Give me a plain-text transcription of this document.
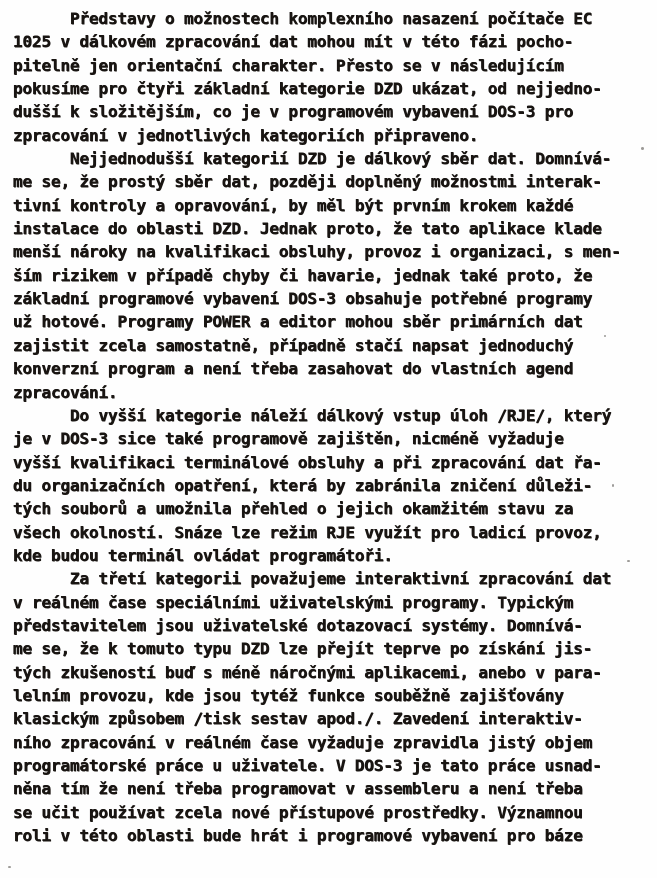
Představy o možnostech komplexního nasazení počítače EC
1025 v dálkovém zpracování dat mohou mít v této fázi pocho-
pitelně jen orientační charakter. Přesto se v následujícím
pokusíme pro čtyři základní kategorie DZD ukázat, od nejjedno-
dušší k složitějším, co je v programovém vybavení DOS-3 pro
zpracování v jednotlivých kategoriích připraveno.
Nejjednodušší kategorií DZD je dálkový sběr dat. Domnívá-
me se, že prostý sběr dat, později doplněný možnostmi interak-
tivní kontroly a opravování, by měl být prvním krokem každé
instalace do oblasti DZD. Jednak proto, že tato aplikace klade
menší nároky na kvalifikaci obsluhy, provoz i organizaci, s men-
ším rizikem v případě chyby či havarie, jednak také proto, že
základní programové vybavení DOS-3 obsahuje potřebné programy
už hotové. Programy POWER a editor mohou sběr primárních dat
zajistit zcela samostatně, případně stačí napsat jednoduchý
konverzní program a není třeba zasahovat do vlastních agend
zpracování.
Do vyšší kategorie náleží dálkový vstup úloh /RJE/, který
je v DOS-3 sice také programově zajištěn, nicméně vyžaduje
vyšší kvalifikaci terminálové obsluhy a při zpracování dat řa-
du organizačních opatření, která by zabránila zničení důleži-
tých souborů a umožnila přehled o jejich okamžitém stavu za
všech okolností. Snáze lze režim RJE využít pro ladicí provoz,
kde budou terminál ovládat programátoři.
Za třetí kategorii považujeme interaktivní zpracování dat
v reálném čase speciálními uživatelskými programy. Typickým
představitelem jsou uživatelské dotazovací systémy. Domnívá-
me se, že k tomuto typu DZD lze přejít teprve po získání jis-
tých zkušeností buď s méně náročnými aplikacemi, anebo v para-
lelním provozu, kde jsou tytéž funkce souběžně zajišťovány
klasickým způsobem /tisk sestav apod./. Zavedení interaktiv-
ního zpracování v reálném čase vyžaduje zpravidla jistý objem
programátorské práce u uživatele. V DOS-3 je tato práce usnad-
něna tím že není třeba programovat v assembleru a není třeba
se učit používat zcela nové přístupové prostředky. Významnou
roli v této oblasti bude hrát i programové vybavení pro báze
